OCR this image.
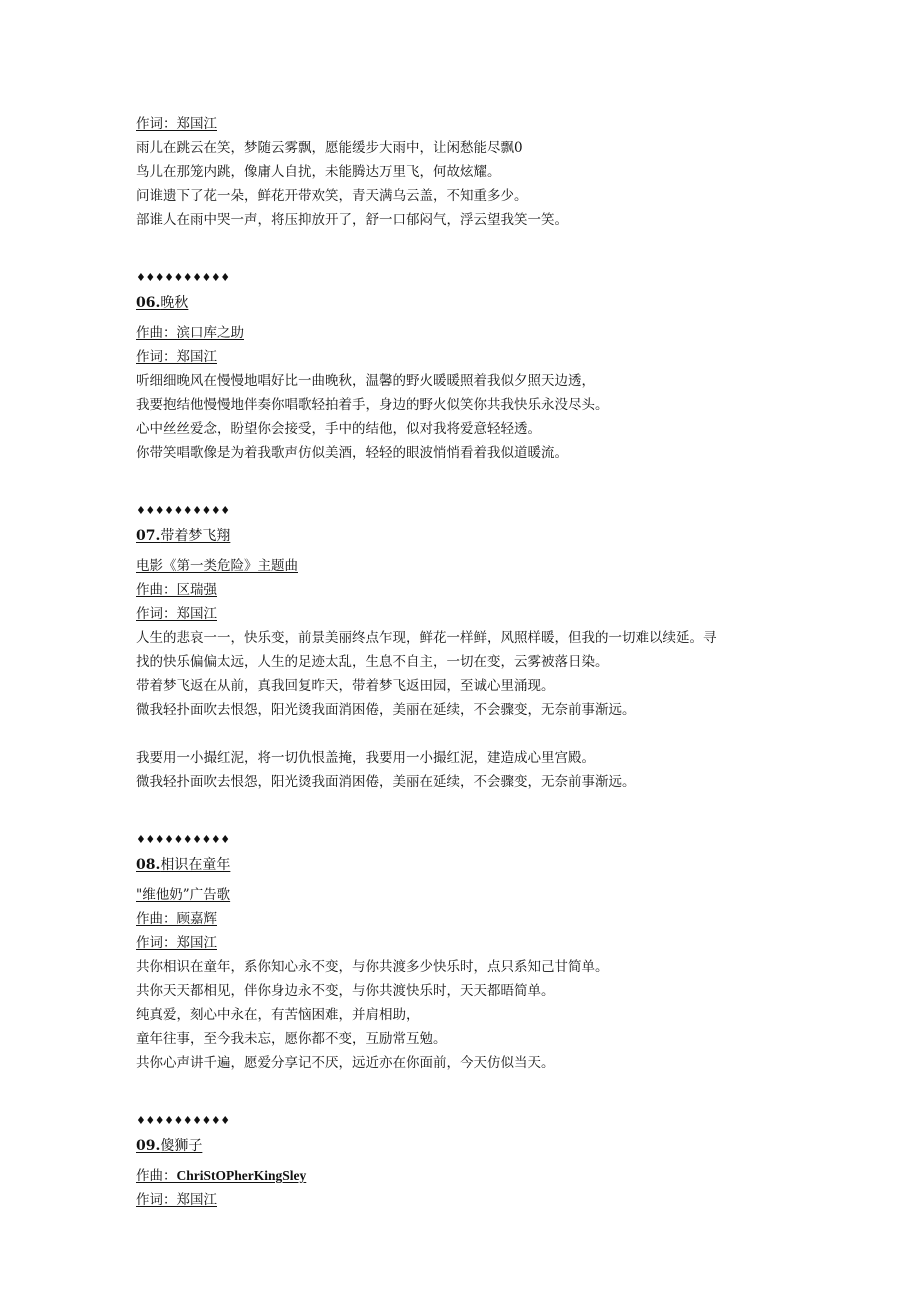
作词：郑国江
雨儿在跳云在笑，梦随云雾飘，愿能缓步大雨中，让闲愁能尽飘0
鸟儿在那笼内跳，像庸人自扰，未能腾达万里飞，何故炫耀。
问谁遗下了花一朵，鲜花开带欢笑，青天满乌云盖，不知重多少。
部谁人在雨中哭一声，将压抑放开了，舒一口郁闷气，浮云望我笑一笑。
♦♦♦♦♦♦♦♦♦♦
06.晚秋
作曲：滨口库之助
作词：郑国江
听细细晚风在慢慢地唱好比一曲晚秋，温馨的野火暖暖照着我似夕照天边透，
我要抱结他慢慢地伴奏你唱歌轻拍着手，身边的野火似笑你共我快乐永没尽头。
心中丝丝爱念，盼望你会接受，手中的结他，似对我将爱意轻轻透。
你带笑唱歌像是为着我歌声仿似美酒，轻轻的眼波悄悄看着我似道暖流。
♦♦♦♦♦♦♦♦♦♦
07.带着梦飞翔
电影《第一类危险》主题曲
作曲：区瑞强
作词：郑国江
人生的悲哀一一，快乐变，前景美丽终点乍现，鲜花一样鲜，风照样暖，但我的一切难以续延。寻
找的快乐偏偏太远，人生的足迹太乱，生息不自主，一切在变，云雾被落日染。
带着梦飞返在从前，真我回复昨天，带着梦飞返田园，至诚心里涌现。
微我轻扑面吹去恨怨，阳光烫我面消困倦，美丽在延续，不会骤变，无奈前事渐远。
我要用一小撮红泥，将一切仇恨盖掩，我要用一小撮红泥，建造成心里宫殿。
微我轻扑面吹去恨怨，阳光烫我面消困倦，美丽在延续，不会骤变，无奈前事渐远。
♦♦♦♦♦♦♦♦♦♦
08.相识在童年
"维他奶”广告歌
作曲：顾嘉辉
作词：郑国江
共你相识在童年，系你知心永不变，与你共渡多少快乐时，点只系知己甘简单。
共你天天都相见，伴你身边永不变，与你共渡快乐时，天天都晤简单。
纯真爱，刻心中永在，有苦恼困难，并肩相助，
童年往事，至今我未忘，愿你都不变，互励常互勉。
共你心声讲千遍，愿爱分享记不厌，远近亦在你面前，今天仿似当天。
♦♦♦♦♦♦♦♦♦♦
09.傻狮子
作曲：ChriStOPherKingSley
作词：郑国江
